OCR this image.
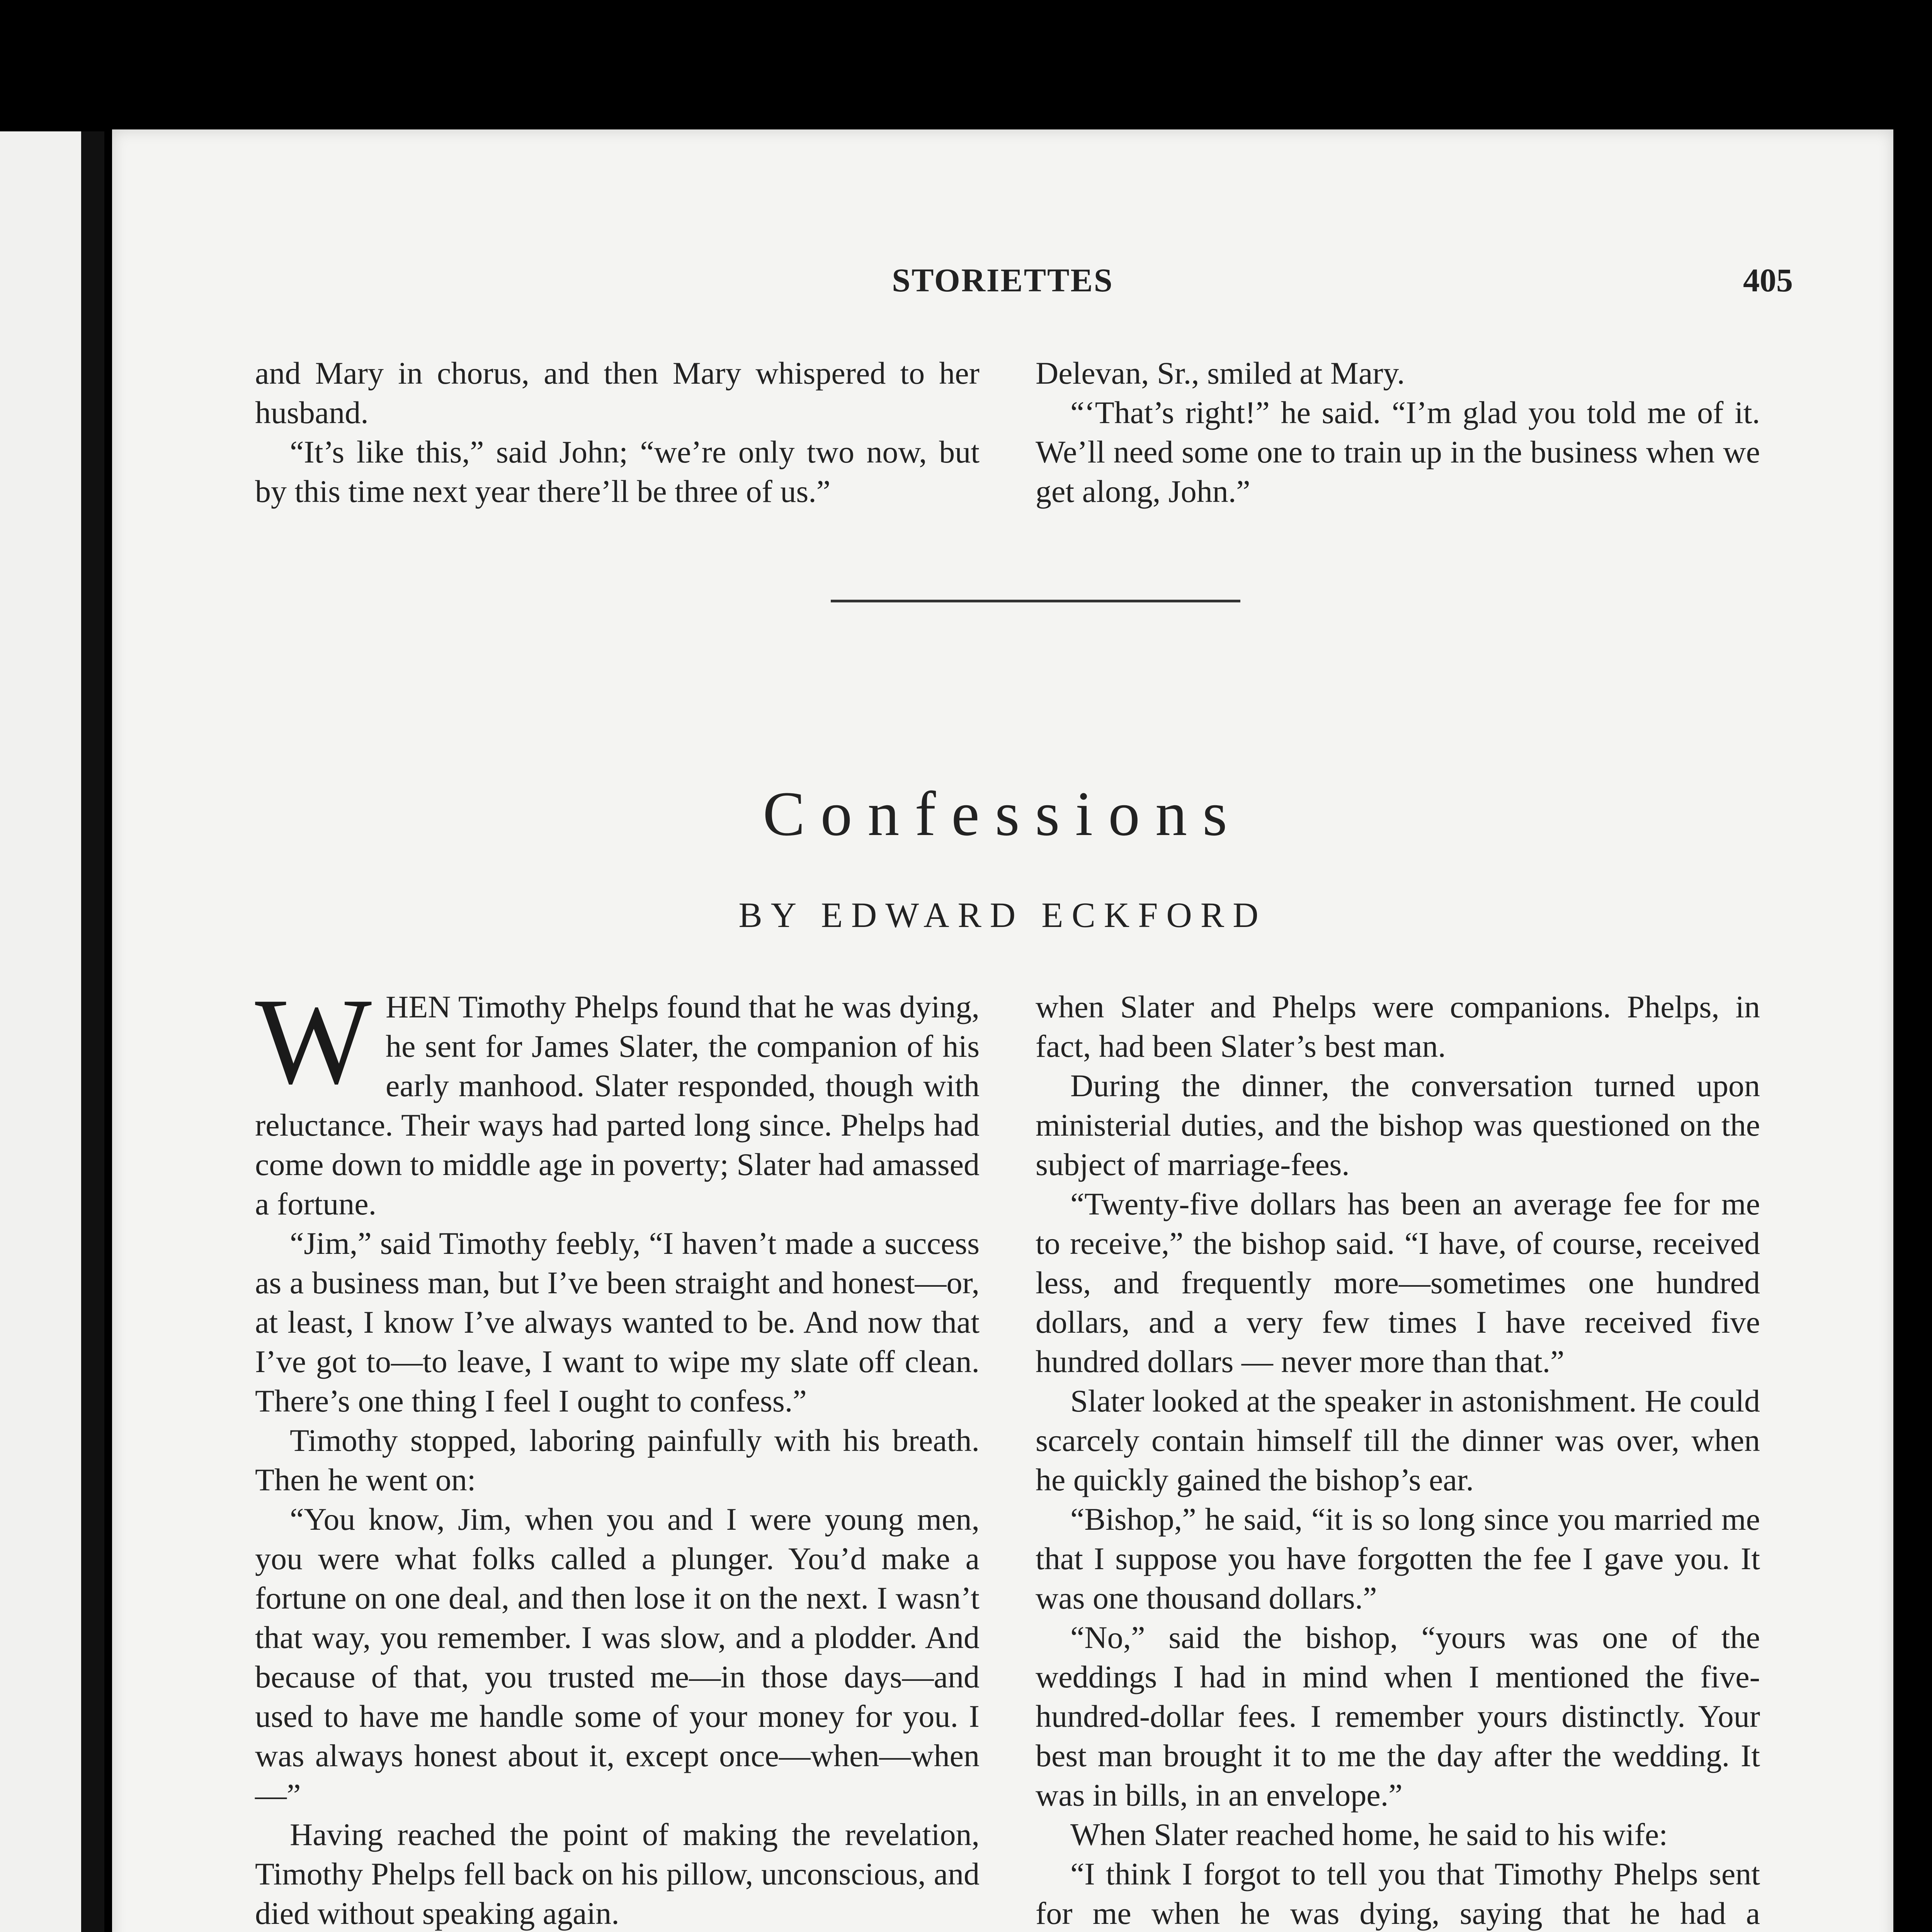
STORIETTES	405

and Mary in chorus, and then Mary whispered to her husband.

“It’s like this,” said John; “we’re only two now, but by this time next year there’ll be three of us.”

Delevan, Sr., smiled at Mary.

“‘That’s right!” he said. “I’m glad you told me of it. We’ll need some one to train up in the business when we get along, John.”

Confessions
BY EDWARD ECKFORD

WHEN Timothy Phelps found that he was dying, he sent for James Slater, the companion of his early manhood. Slater responded, though with reluctance. Their ways had parted long since. Phelps had come down to middle age in poverty; Slater had amassed a fortune.

“Jim,” said Timothy feebly, “I haven’t made a success as a business man, but I’ve been straight and honest—or, at least, I know I’ve always wanted to be. And now that I’ve got to—to leave, I want to wipe my slate off clean. There’s one thing I feel I ought to confess.”

Timothy stopped, laboring painfully with his breath. Then he went on:

“You know, Jim, when you and I were young men, you were what folks called a plunger. You’d make a fortune on one deal, and then lose it on the next. I wasn’t that way, you remember. I was slow, and a plodder. And because of that, you trusted me—in those days—and used to have me handle some of your money for you. I was always honest about it, except once—when—when—”

Having reached the point of making the revelation, Timothy Phelps fell back on his pillow, unconscious, and died without speaking again.

when Slater and Phelps were companions. Phelps, in fact, had been Slater’s best man.

During the dinner, the conversation turned upon ministerial duties, and the bishop was questioned on the subject of marriage-fees.

“Twenty-five dollars has been an average fee for me to receive,” the bishop said. “I have, of course, received less, and frequently more—sometimes one hundred dollars, and a very few times I have received five hundred dollars — never more than that.”

Slater looked at the speaker in astonishment. He could scarcely contain himself till the dinner was over, when he quickly gained the bishop’s ear.

“Bishop,” he said, “it is so long since you married me that I suppose you have forgotten the fee I gave you. It was one thousand dollars.”

“No,” said the bishop, “yours was one of the weddings I had in mind when I mentioned the five-hundred-dollar fees. I remember yours distinctly. Your best man brought it to me the day after the wedding. It was in bills, in an envelope.”

When Slater reached home, he said to his wife:

“I think I forgot to tell you that Timothy Phelps sent for me when he was dying, saying that he had a
